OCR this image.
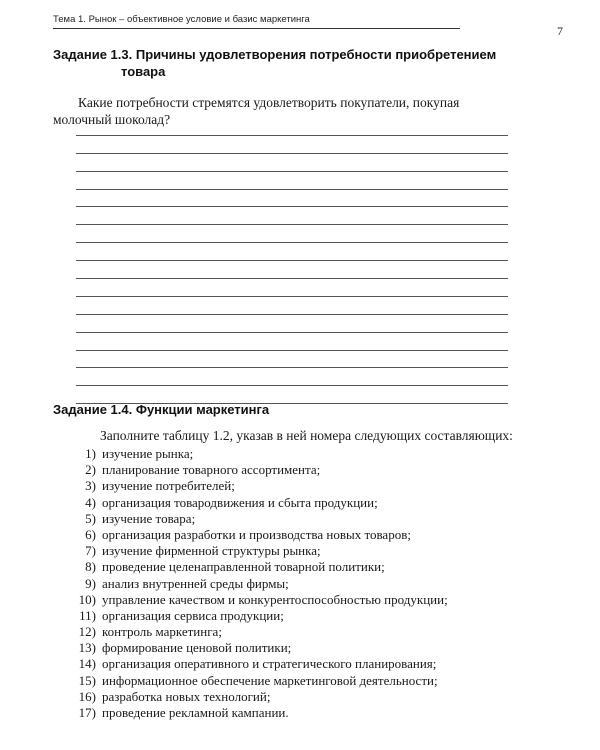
Тема 1. Рынок – объективное условие и базис маркетинга
7
Задание 1.3. Причины удовлетворения потребности приобретением
товара

Какие потребности стремятся удовлетворить покупатели, покупая
молочный шоколад?

Задание 1.4. Функции маркетинга

Заполните таблицу 1.2, указав в ней номера следующих составляющих:

1) изучение рынка;
2) планирование товарного ассортимента;
3) изучение потребителей;
4) организация товародвижения и сбыта продукции;
5) изучение товара;
6) организация разработки и производства новых товаров;
7) изучение фирменной структуры рынка;
8) проведение целенаправленной товарной политики;
9) анализ внутренней среды фирмы;
10) управление качеством и конкурентоспособностью продукции;
11) организация сервиса продукции;
12) контроль маркетинга;
13) формирование ценовой политики;
14) организация оперативного и стратегического планирования;
15) информационное обеспечение маркетинговой деятельности;
16) разработка новых технологий;
17) проведение рекламной кампании.
